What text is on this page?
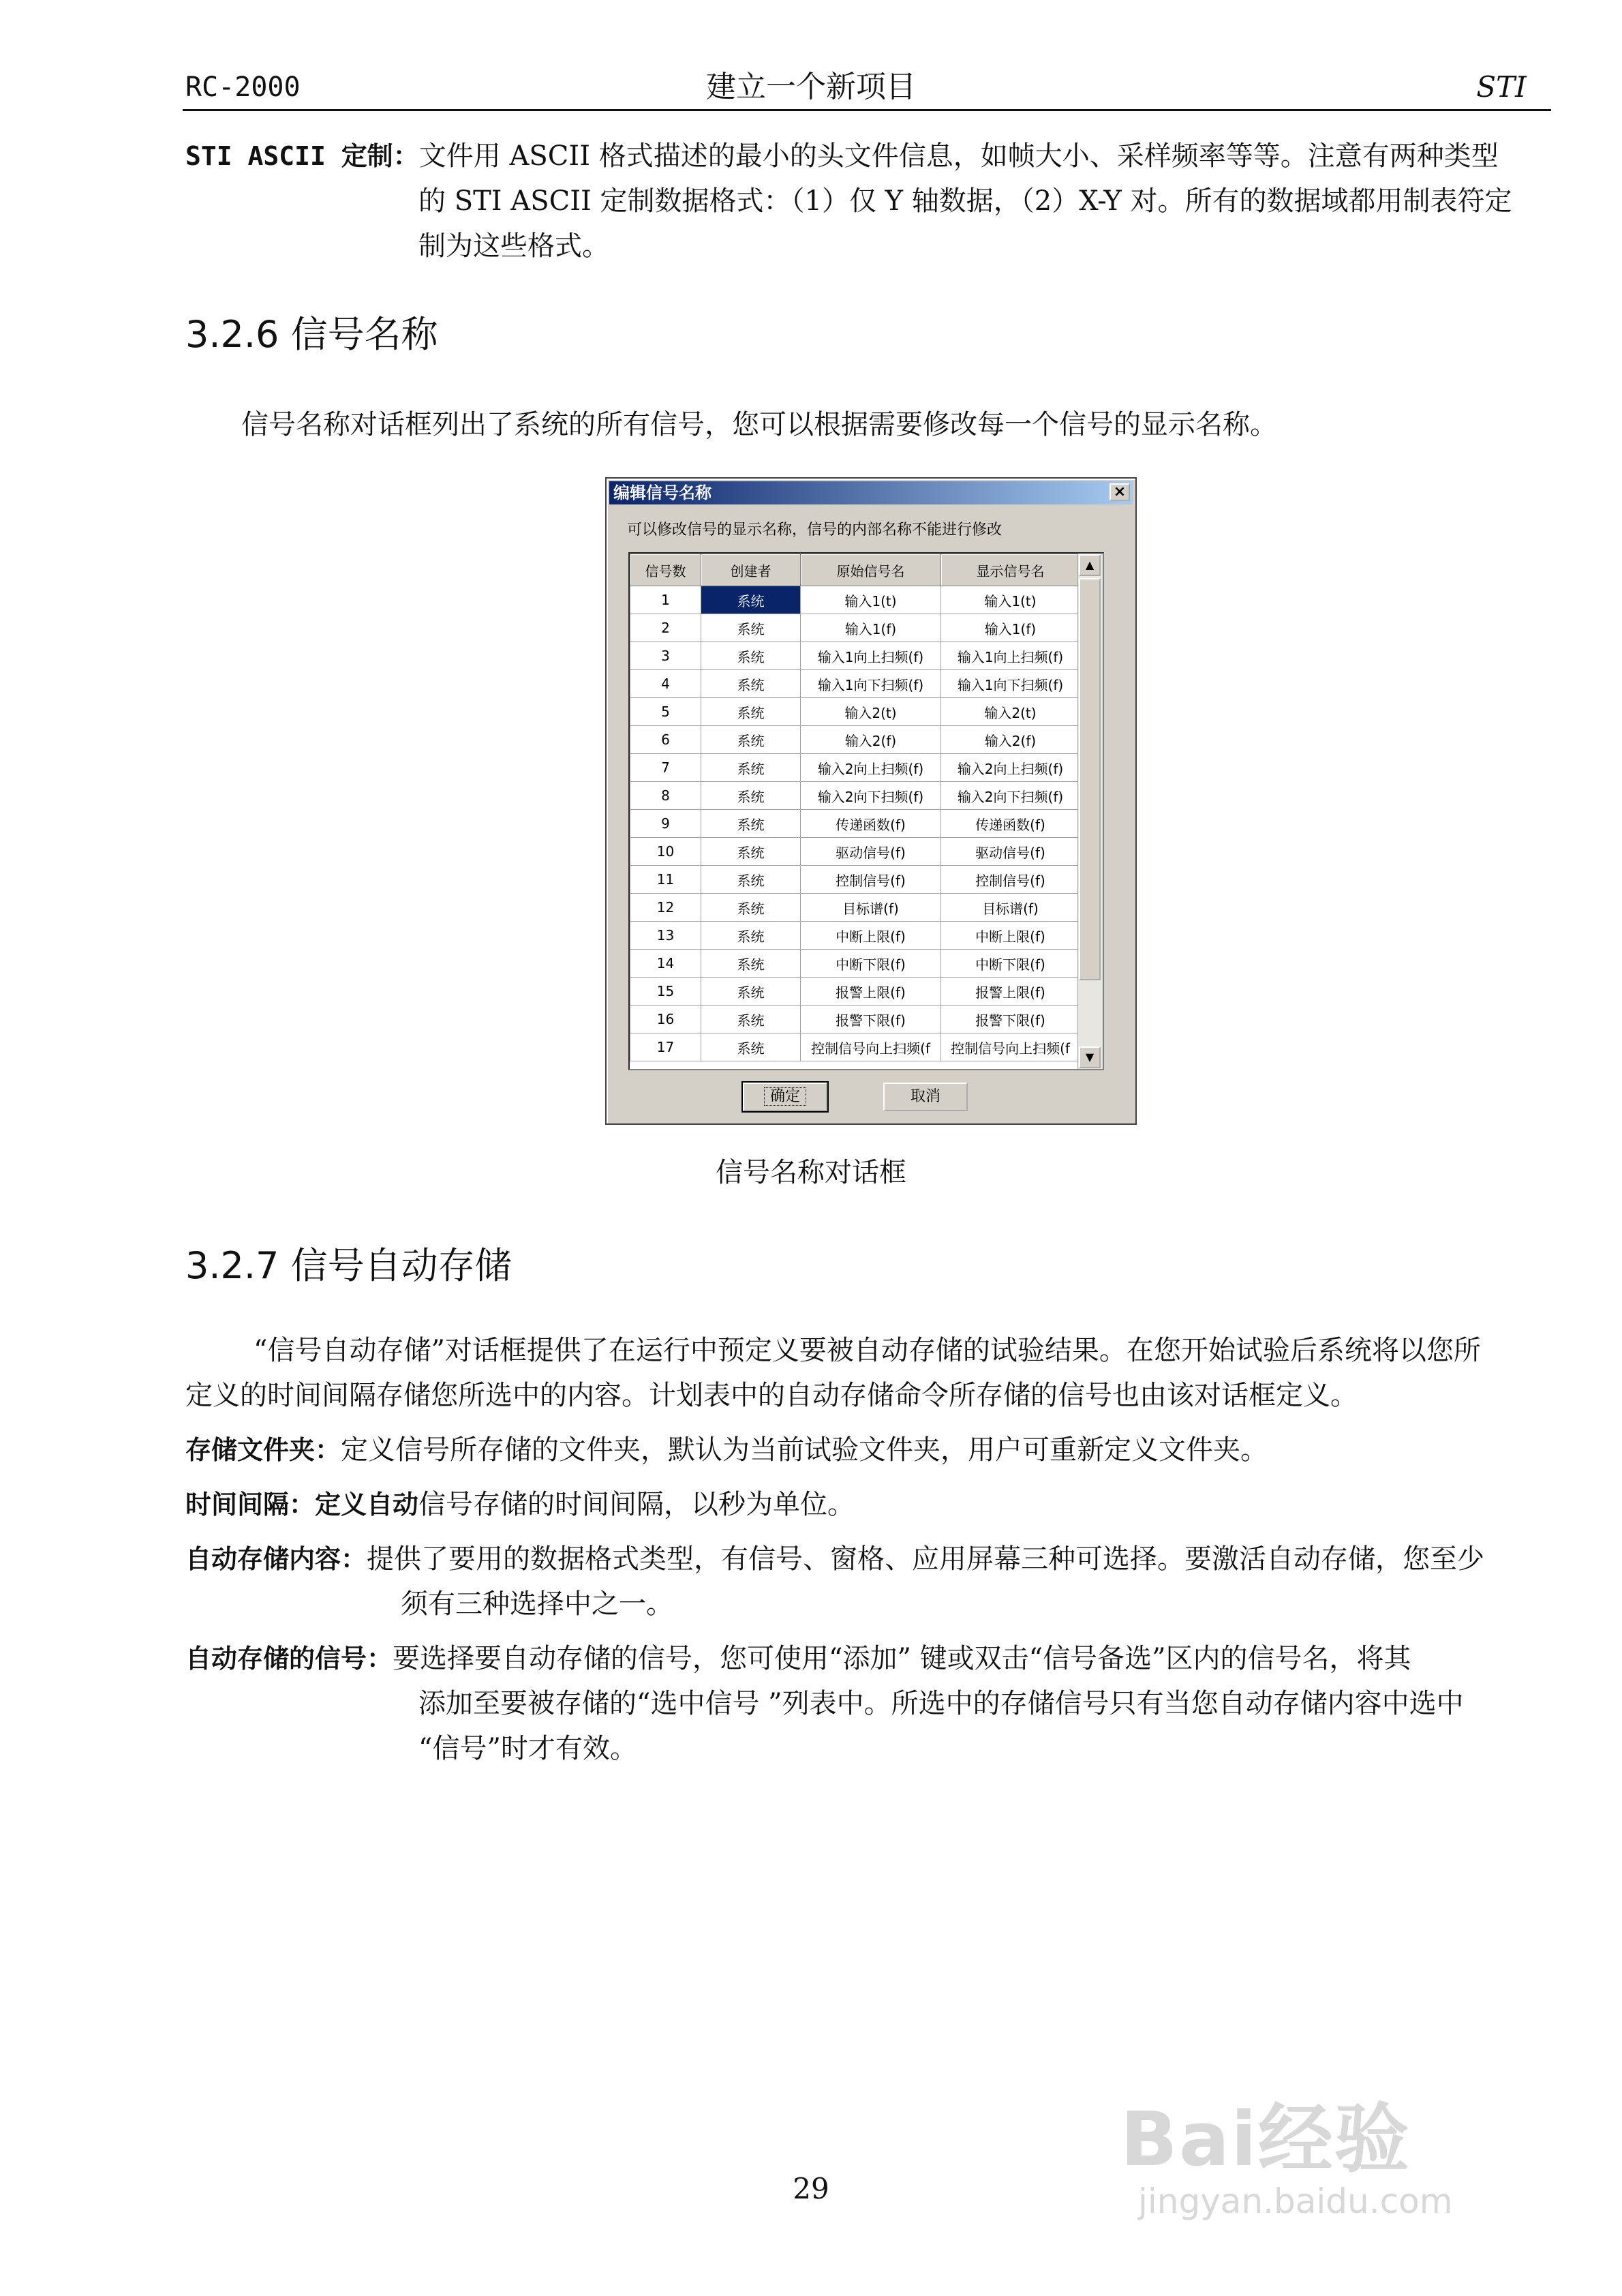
RC-2000	建立一个新项目	STI
STI ASCII 定制：文件用 ASCII 格式描述的最小的头文件信息，如帧大小、采样频率等等。注意有两种类型
的 STI ASCII 定制数据格式：（1）仅 Y 轴数据，（2）X-Y 对。所有的数据域都用制表符定
制为这些格式。
3.2.6 信号名称
信号名称对话框列出了系统的所有信号，您可以根据需要修改每一个信号的显示名称。
编辑信号名称	×
可以修改信号的显示名称，信号的内部名称不能进行修改
信号数	创建者	原始信号名	显示信号名
1	系统	输入1(t)	输入1(t)
2	系统	输入1(f)	输入1(f)
3	系统	输入1向上扫频(f)	输入1向上扫频(f)
4	系统	输入1向下扫频(f)	输入1向下扫频(f)
5	系统	输入2(t)	输入2(t)
6	系统	输入2(f)	输入2(f)
7	系统	输入2向上扫频(f)	输入2向上扫频(f)
8	系统	输入2向下扫频(f)	输入2向下扫频(f)
9	系统	传递函数(f)	传递函数(f)
10	系统	驱动信号(f)	驱动信号(f)
11	系统	控制信号(f)	控制信号(f)
12	系统	目标谱(f)	目标谱(f)
13	系统	中断上限(f)	中断上限(f)
14	系统	中断下限(f)	中断下限(f)
15	系统	报警上限(f)	报警上限(f)
16	系统	报警下限(f)	报警下限(f)
17	系统	控制信号向上扫频(f	控制信号向上扫频(f
▲
▼
确定	取消
信号名称对话框
3.2.7 信号自动存储
“信号自动存储”对话框提供了在运行中预定义要被自动存储的试验结果。在您开始试验后系统将以您所
定义的时间间隔存储您所选中的内容。计划表中的自动存储命令所存储的信号也由该对话框定义。
存储文件夹：定义信号所存储的文件夹，默认为当前试验文件夹，用户可重新定义文件夹。
时间间隔：定义自动信号存储的时间间隔，以秒为单位。
自动存储内容：提供了要用的数据格式类型，有信号、窗格、应用屏幕三种可选择。要激活自动存储，您至少
须有三种选择中之一。
自动存储的信号：要选择要自动存储的信号，您可使用“添加” 键或双击“信号备选”区内的信号名，将其
添加至要被存储的“选中信号 ”列表中。所选中的存储信号只有当您自动存储内容中选中
“信号”时才有效。
29
Bai经验
jingyan.baidu.com
